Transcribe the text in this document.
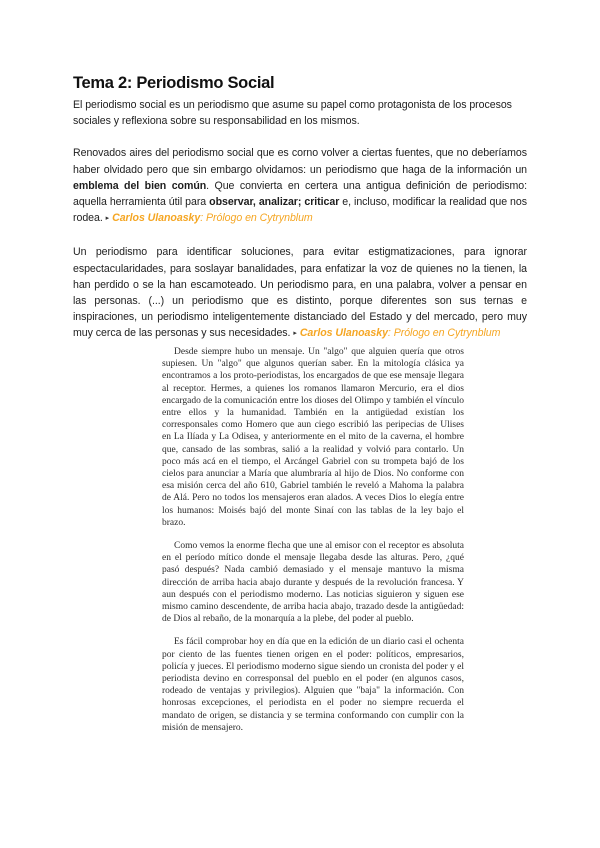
Tema 2: Periodismo Social

El periodismo social es un periodismo que asume su papel como protagonista de los procesos sociales y reflexiona sobre su responsabilidad en los mismos.

Renovados aires del periodismo social que es corno volver a ciertas fuentes, que no deberíamos haber olvidado pero que sin embargo olvidamos: un periodismo que haga de la información un emblema del bien común. Que convierta en certera una antigua definición de periodismo: aquella herramienta útil para observar, analizar; criticar e, incluso, modificar la realidad que nos rodea. ▸ Carlos Ulanoasky: Prólogo en Cytrynblum

Un periodismo para identificar soluciones, para evitar estigmatizaciones, para ignorar espectacularidades, para soslayar banalidades, para enfatizar la voz de quienes no la tienen, la han perdido o se la han escamoteado. Un periodismo para, en una palabra, volver a pensar en las personas. (...) un periodismo que es distinto, porque diferentes son sus ternas e inspiraciones, un periodismo inteligentemente distanciado del Estado y del mercado, pero muy muy cerca de las personas y sus necesidades. ▸ Carlos Ulanoasky: Prólogo en Cytrynblum

Desde siempre hubo un mensaje. Un "algo" que alguien quería que otros supiesen. Un "algo" que algunos querían saber. En la mitología clásica ya encontramos a los proto-periodistas, los encargados de que ese mensaje llegara al receptor. Hermes, a quienes los romanos llamaron Mercurio, era el dios encargado de la comunicación entre los dioses del Olimpo y también el vínculo entre ellos y la humanidad. También en la antigüedad existían los corresponsales como Homero que aun ciego escribió las peripecias de Ulises en La Ilíada y La Odisea, y anteriormente en el mito de la caverna, el hombre que, cansado de las sombras, salió a la realidad y volvió para contarlo. Un poco más acá en el tiempo, el Arcángel Gabriel con su trompeta bajó de los cielos para anunciar a María que alumbraría al hijo de Dios. No conforme con esa misión cerca del año 610, Gabriel también le reveló a Mahoma la palabra de Alá. Pero no todos los mensajeros eran alados. A veces Dios lo elegía entre los humanos: Moisés bajó del monte Sinaí con las tablas de la ley bajo el brazo.

Como vemos la enorme flecha que une al emisor con el receptor es absoluta en el período mítico donde el mensaje llegaba desde las alturas. Pero, ¿qué pasó después? Nada cambió demasiado y el mensaje mantuvo la misma dirección de arriba hacia abajo durante y después de la revolución francesa. Y aun después con el periodismo moderno. Las noticias siguieron y siguen ese mismo camino descendente, de arriba hacia abajo, trazado desde la antigüedad: de Dios al rebaño, de la monarquía a la plebe, del poder al pueblo.

Es fácil comprobar hoy en día que en la edición de un diario casi el ochenta por ciento de las fuentes tienen origen en el poder: políticos, empresarios, policía y jueces. El periodismo moderno sigue siendo un cronista del poder y el periodista devino en corresponsal del pueblo en el poder (en algunos casos, rodeado de ventajas y privilegios). Alguien que "baja" la información. Con honrosas excepciones, el periodista en el poder no siempre recuerda el mandato de origen, se distancia y se termina conformando con cumplir con la misión de mensajero.
